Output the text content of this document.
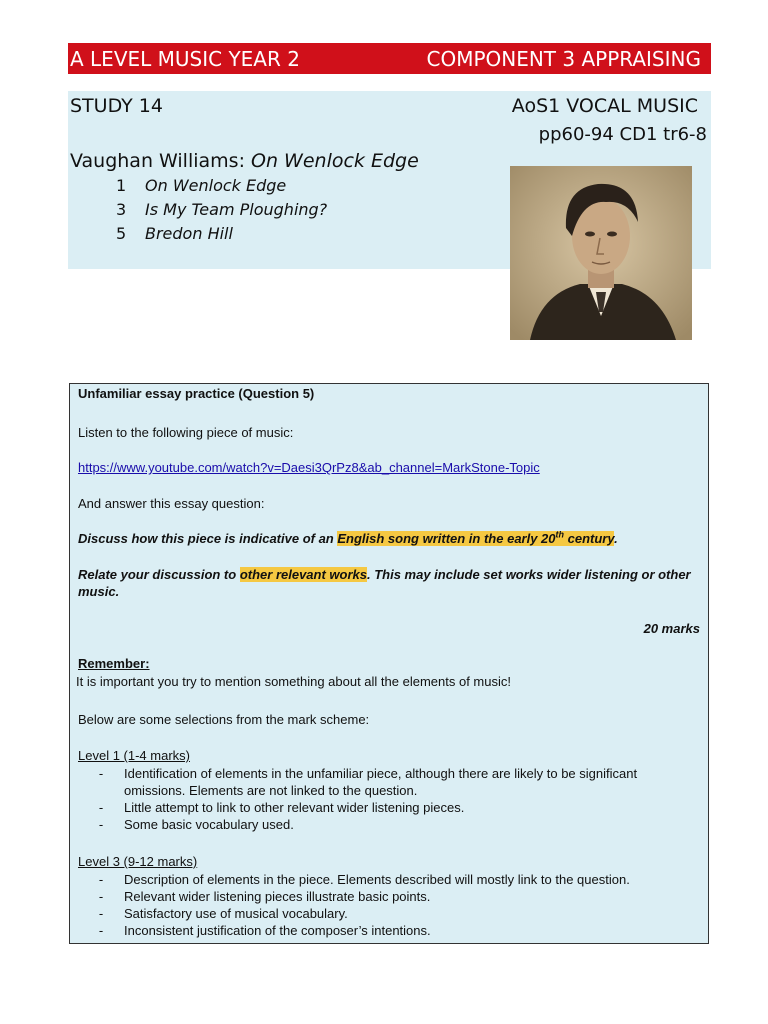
A LEVEL MUSIC YEAR 2	COMPONENT 3 APPRAISING
STUDY 14	AoS1 VOCAL MUSIC
pp60-94 CD1 tr6-8
Vaughan Williams: On Wenlock Edge
1	On Wenlock Edge
3	Is My Team Ploughing?
5	Bredon Hill
Unfamiliar essay practice (Question 5)
Listen to the following piece of music:
https://www.youtube.com/watch?v=Daesi3QrPz8&ab_channel=MarkStone-Topic
And answer this essay question:
Discuss how this piece is indicative of an English song written in the early 20th century.
Relate your discussion to other relevant works. This may include set works wider listening or other music.
20 marks
Remember:
It is important you try to mention something about all the elements of music!
Below are some selections from the mark scheme:
Level 1 (1-4 marks)
-	Identification of elements in the unfamiliar piece, although there are likely to be significant omissions. Elements are not linked to the question.
-	Little attempt to link to other relevant wider listening pieces.
-	Some basic vocabulary used.
Level 3 (9-12 marks)
-	Description of elements in the piece. Elements described will mostly link to the question.
-	Relevant wider listening pieces illustrate basic points.
-	Satisfactory use of musical vocabulary.
-	Inconsistent justification of the composer’s intentions.
